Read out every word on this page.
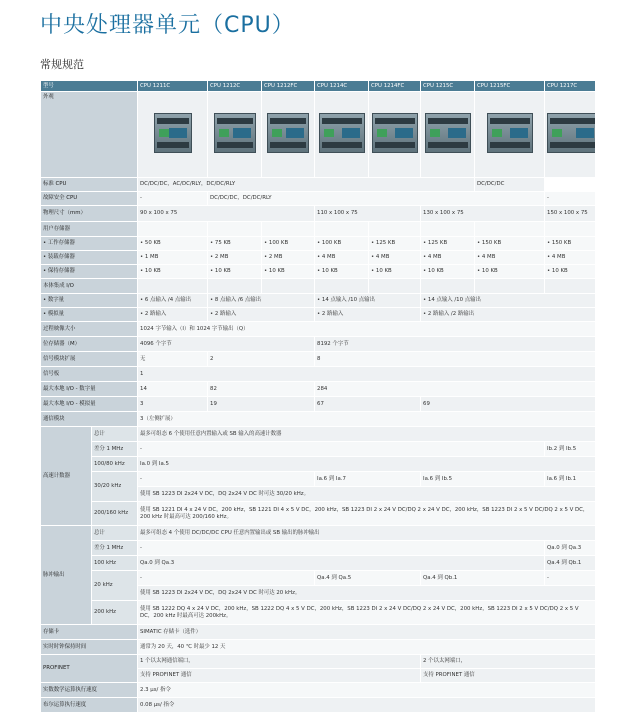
中央处理器单元（CPU）
常规规范
型号		CPU 1211C	CPU 1212C	CPU 1212FC	CPU 1214C	CPU 1214FC	CPU 1215C	CPU 1215FC	CPU 1217C
外观		

标准 CPU		DC/DC/DC，AC/DC/RLY，DC/DC/RLY						DC/DC/DC	
故障安全 CPU		-	DC/DC/DC，DC/DC/RLY						-
物理尺寸（mm）		90 x 100 x 75			110 x 100 x 75		130 x 100 x 75		150 x 100 x 75
用户存储器									
• 工作存储器		• 50 KB	• 75 KB	• 100 KB	• 100 KB	• 125 KB	• 125 KB	• 150 KB	• 150 KB
• 装载存储器		• 1 MB	• 2 MB	• 2 MB	• 4 MB	• 4 MB	• 4 MB	• 4 MB	• 4 MB
• 保持存储器		• 10 KB	• 10 KB	• 10 KB	• 10 KB	• 10 KB	• 10 KB	• 10 KB	• 10 KB
本体集成 I/O									
• 数字量		• 6 点输入 /4 点输出	• 8 点输入 /6 点输出		• 14 点输入 /10 点输出		• 14 点输入 /10 点输出		
• 模拟量		• 2 路输入	• 2 路输入		• 2 路输入		• 2 路输入 /2 路输出		
过程映像大小		1024 字节输入（I）和 1024 字节输出（Q）							
位存储器（M）		4096 个字节			8192 个字节				
信号模块扩展		无	2		8				
信号板		1							
最大本地 I/O - 数字量		14	82		284				
最大本地 I/O - 模拟量		3	19		67		69		
通信模块		3（左侧扩展）							
高速计数器	总计	最多可组态 6 个使用任意内置输入或 SB 输入的高速计数器							
	差分 1 MHz	-							Ib.2 到 Ib.5
	100/80 kHz	Ia.0 到 Ia.5							
	30/20 kHz	-			Ia.6 到 Ia.7		Ia.6 到 Ib.5		Ia.6 到 Ib.1
		使用 SB 1223 DI 2x24 V DC，DQ 2x24 V DC 时可达 30/20 kHz。							
	200/160 kHz	使用 SB 1221 DI 4 x 24 V DC，200 kHz，SB 1221 DI 4 x 5 V DC，200 kHz，SB 1223 DI 2 x 24 V DC/DQ 2 x 24 V DC，200 kHz，SB 1223 DI 2 x 5 V DC/DQ 2 x 5 V DC，200 kHz 时最高可达 200/160 kHz。							
脉冲输出	总计	最多可组态 4 个使用 DC/DC/DC CPU 任意内置输出或 SB 输出的脉冲输出							
	差分 1 MHz	-							Qa.0 到 Qa.3
	100 kHz	Qa.0 到 Qa.3							Qa.4 到 Qb.1
	20 kHz	-			Qa.4 到 Qa.5		Qa.4 到 Qb.1		-
		使用 SB 1223 DI 2x24 V DC，DQ 2x24 V DC 时可达 20 kHz。							
	200 kHz	使用 SB 1222 DQ 4 x 24 V DC，200 kHz，SB 1222 DQ 4 x 5 V DC，200 kHz，SB 1223 DI 2 x 24 V DC/DQ 2 x 24 V DC，200 kHz，SB 1223 DI 2 x 5 V DC/DQ 2 x 5 V DC，200 kHz 时最高可达 200kHz。							
存储卡		SIMATIC 存储卡（选件）							
实时时钟保持时间		通常为 20 天，40 ℃ 时最少 12 天							
PROFINET		1 个以太网通信端口，					2 个以太网端口，		
		支持 PROFINET 通信					支持 PROFINET 通信		
实数数学运算执行速度		2.3 μs/ 指令							
布尔运算执行速度		0.08 μs/ 指令							
